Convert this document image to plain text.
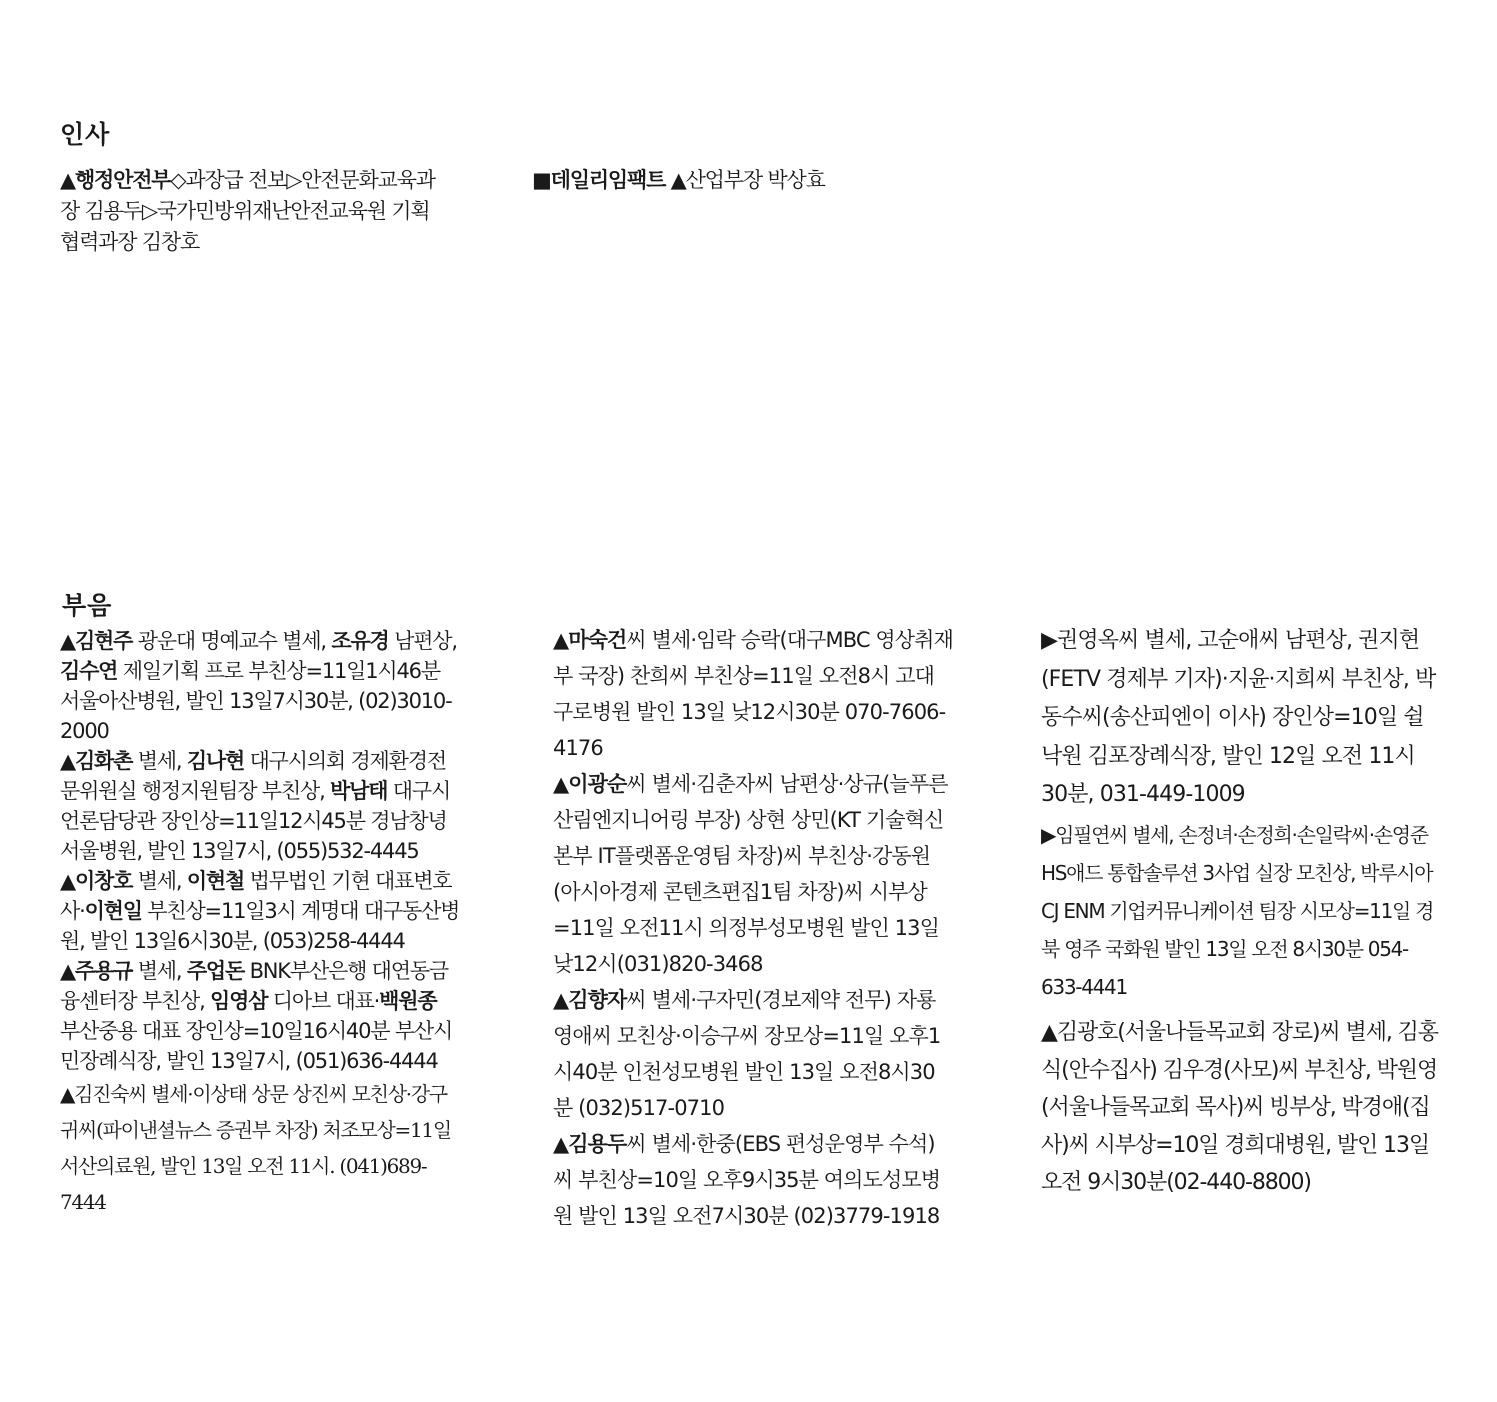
인사

▲행정안전부◇과장급 전보▷안전문화교육과장 김용두▷국가민방위재난안전교육원 기획협력과장 김창호

■데일리임팩트 ▲산업부장 박상효

부음

▲김현주 광운대 명예교수 별세, 조유경 남편상, 김수연 제일기획 프로 부친상=11일1시46분 서울아산병원, 발인 13일7시30분, (02)3010-2000

▲김화촌 별세, 김나현 대구시의회 경제환경전문위원실 행정지원팀장 부친상, 박남태 대구시 언론담당관 장인상=11일12시45분 경남창녕서울병원, 발인 13일7시, (055)532-4445

▲이창호 별세, 이현철 법무법인 기현 대표변호사·이현일 부친상=11일3시 계명대 대구동산병원, 발인 13일6시30분, (053)258-4444

▲주용규 별세, 주업돈 BNK부산은행 대연동금융센터장 부친상, 임영삼 디아브 대표·백원종 부산중용 대표 장인상=10일16시40분 부산시민장례식장, 발인 13일7시, (051)636-4444

▲김진숙씨 별세·이상태 상문 상진씨 모친상·강구귀씨(파이낸셜뉴스 증권부 차장) 처조모상=11일 서산의료원, 발인 13일 오전 11시. (041)689-7444

▲마숙건씨 별세·임락 승락(대구MBC 영상취재부 국장) 찬희씨 부친상=11일 오전8시 고대구로병원 발인 13일 낮12시30분 070-7606-4176

▲이광순씨 별세·김춘자씨 남편상·상규(늘푸른산림엔지니어링 부장) 상현 상민(KT 기술혁신본부 IT플랫폼운영팀 차장)씨 부친상·강동원(아시아경제 콘텐츠편집1팀 차장)씨 시부상=11일 오전11시 의정부성모병원 발인 13일 낮12시(031)820-3468

▲김향자씨 별세·구자민(경보제약 전무) 자룡 영애씨 모친상·이승구씨 장모상=11일 오후1시40분 인천성모병원 발인 13일 오전8시30분 (032)517-0710

▲김용두씨 별세·한중(EBS 편성운영부 수석)씨 부친상=10일 오후9시35분 여의도성모병원 발인 13일 오전7시30분 (02)3779-1918

▶권영옥씨 별세, 고순애씨 남편상, 권지현(FETV 경제부 기자)·지윤·지희씨 부친상, 박동수씨(송산피엔이 이사) 장인상=10일 쉴낙원 김포장례식장, 발인 12일 오전 11시30분, 031-449-1009

▶임필연씨 별세, 손정녀·손정희·손일락씨·손영준 HS애드 통합솔루션 3사업 실장 모친상, 박루시아 CJ ENM 기업커뮤니케이션 팀장 시모상=11일 경북 영주 국화원 발인 13일 오전 8시30분 054-633-4441

▲김광호(서울나들목교회 장로)씨 별세, 김홍식(안수집사) 김우경(사모)씨 부친상, 박원영(서울나들목교회 목사)씨 빙부상, 박경애(집사)씨 시부상=10일 경희대병원, 발인 13일 오전 9시30분(02-440-8800)
